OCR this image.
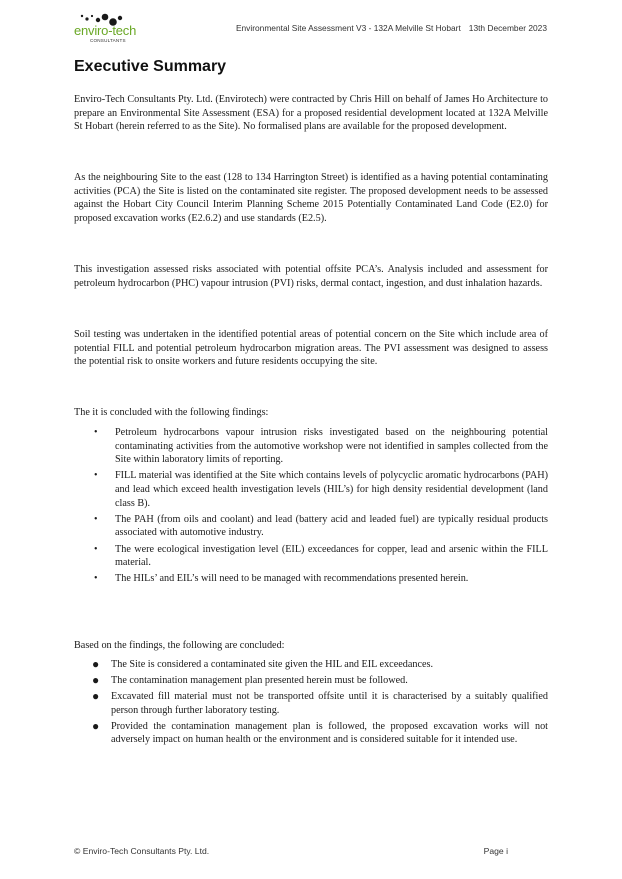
enviro-tech
CONSULTANTS
Environmental Site Assessment V3 - 132A Melville St Hobart 13th December 2023
Executive Summary

Enviro-Tech Consultants Pty. Ltd. (Envirotech) were contracted by Chris Hill on behalf of James Ho Architecture to prepare an Environmental Site Assessment (ESA) for a proposed residential development located at 132A Melville St Hobart (herein referred to as the Site). No formalised plans are available for the proposed development.

As the neighbouring Site to the east (128 to 134 Harrington Street) is identified as a having potential contaminating activities (PCA) the Site is listed on the contaminated site register. The proposed development needs to be assessed against the Hobart City Council Interim Planning Scheme 2015 Potentially Contaminated Land Code (E2.0) for proposed excavation works (E2.6.2) and use standards (E2.5).

This investigation assessed risks associated with potential offsite PCA’s. Analysis included and assessment for petroleum hydrocarbon (PHC) vapour intrusion (PVI) risks, dermal contact, ingestion, and dust inhalation hazards.

Soil testing was undertaken in the identified potential areas of potential concern on the Site which include area of potential FILL and potential petroleum hydrocarbon migration areas. The PVI assessment was designed to assess the potential risk to onsite workers and future residents occupying the site.

The it is concluded with the following findings:

• Petroleum hydrocarbons vapour intrusion risks investigated based on the neighbouring potential contaminating activities from the automotive workshop were not identified in samples collected from the Site within laboratory limits of reporting.
• FILL material was identified at the Site which contains levels of polycyclic aromatic hydrocarbons (PAH) and lead which exceed health investigation levels (HIL’s) for high density residential development (land class B).
• The PAH (from oils and coolant) and lead (battery acid and leaded fuel) are typically residual products associated with automotive industry.
• The were ecological investigation level (EIL) exceedances for copper, lead and arsenic within the FILL material.
• The HILs’ and EIL’s will need to be managed with recommendations presented herein.

Based on the findings, the following are concluded:

● The Site is considered a contaminated site given the HIL and EIL exceedances.
● The contamination management plan presented herein must be followed.
● Excavated fill material must not be transported offsite until it is characterised by a suitably qualified person through further laboratory testing.
● Provided the contamination management plan is followed, the proposed excavation works will not adversely impact on human health or the environment and is considered suitable for it intended use.
© Enviro-Tech Consultants Pty. Ltd.	Page i
